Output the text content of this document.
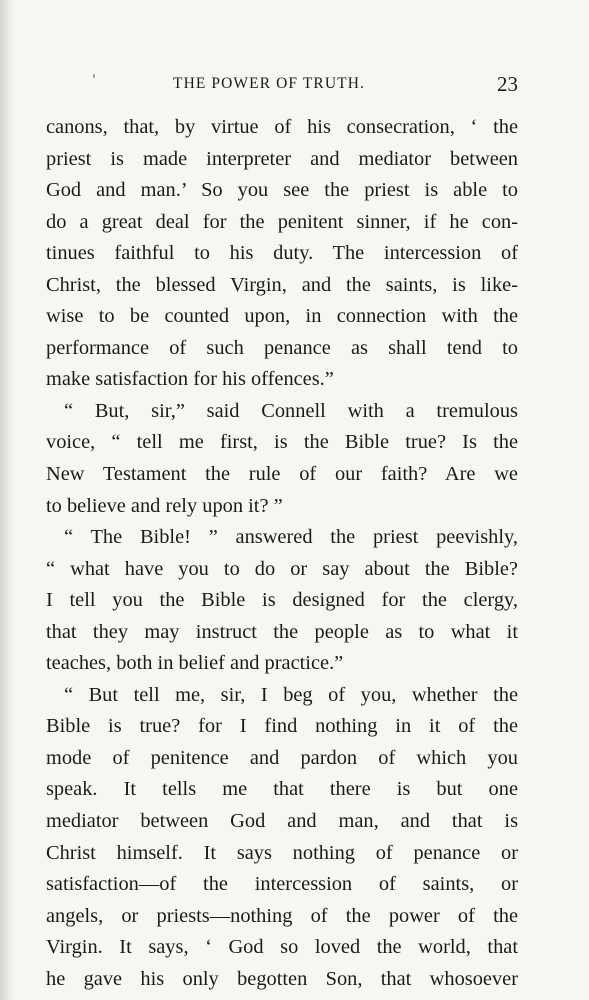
THE POWER OF TRUTH.	23
canons, that, by virtue of his consecration, ‘ the
priest is made interpreter and mediator between
God and man.’ So you see the priest is able to
do a great deal for the penitent sinner, if he con-
tinues faithful to his duty. The intercession of
Christ, the blessed Virgin, and the saints, is like-
wise to be counted upon, in connection with the
performance of such penance as shall tend to
make satisfaction for his offences.”
“ But, sir,” said Connell with a tremulous
voice, “ tell me first, is the Bible true? Is the
New Testament the rule of our faith? Are we
to believe and rely upon it? ”
“ The Bible! ” answered the priest peevishly,
“ what have you to do or say about the Bible?
I tell you the Bible is designed for the clergy,
that they may instruct the people as to what it
teaches, both in belief and practice.”
“ But tell me, sir, I beg of you, whether the
Bible is true? for I find nothing in it of the
mode of penitence and pardon of which you
speak. It tells me that there is but one
mediator between God and man, and that is
Christ himself. It says nothing of penance or
satisfaction—of the intercession of saints, or
angels, or priests—nothing of the power of the
Virgin. It says, ‘ God so loved the world, that
he gave his only begotten Son, that whosoever
